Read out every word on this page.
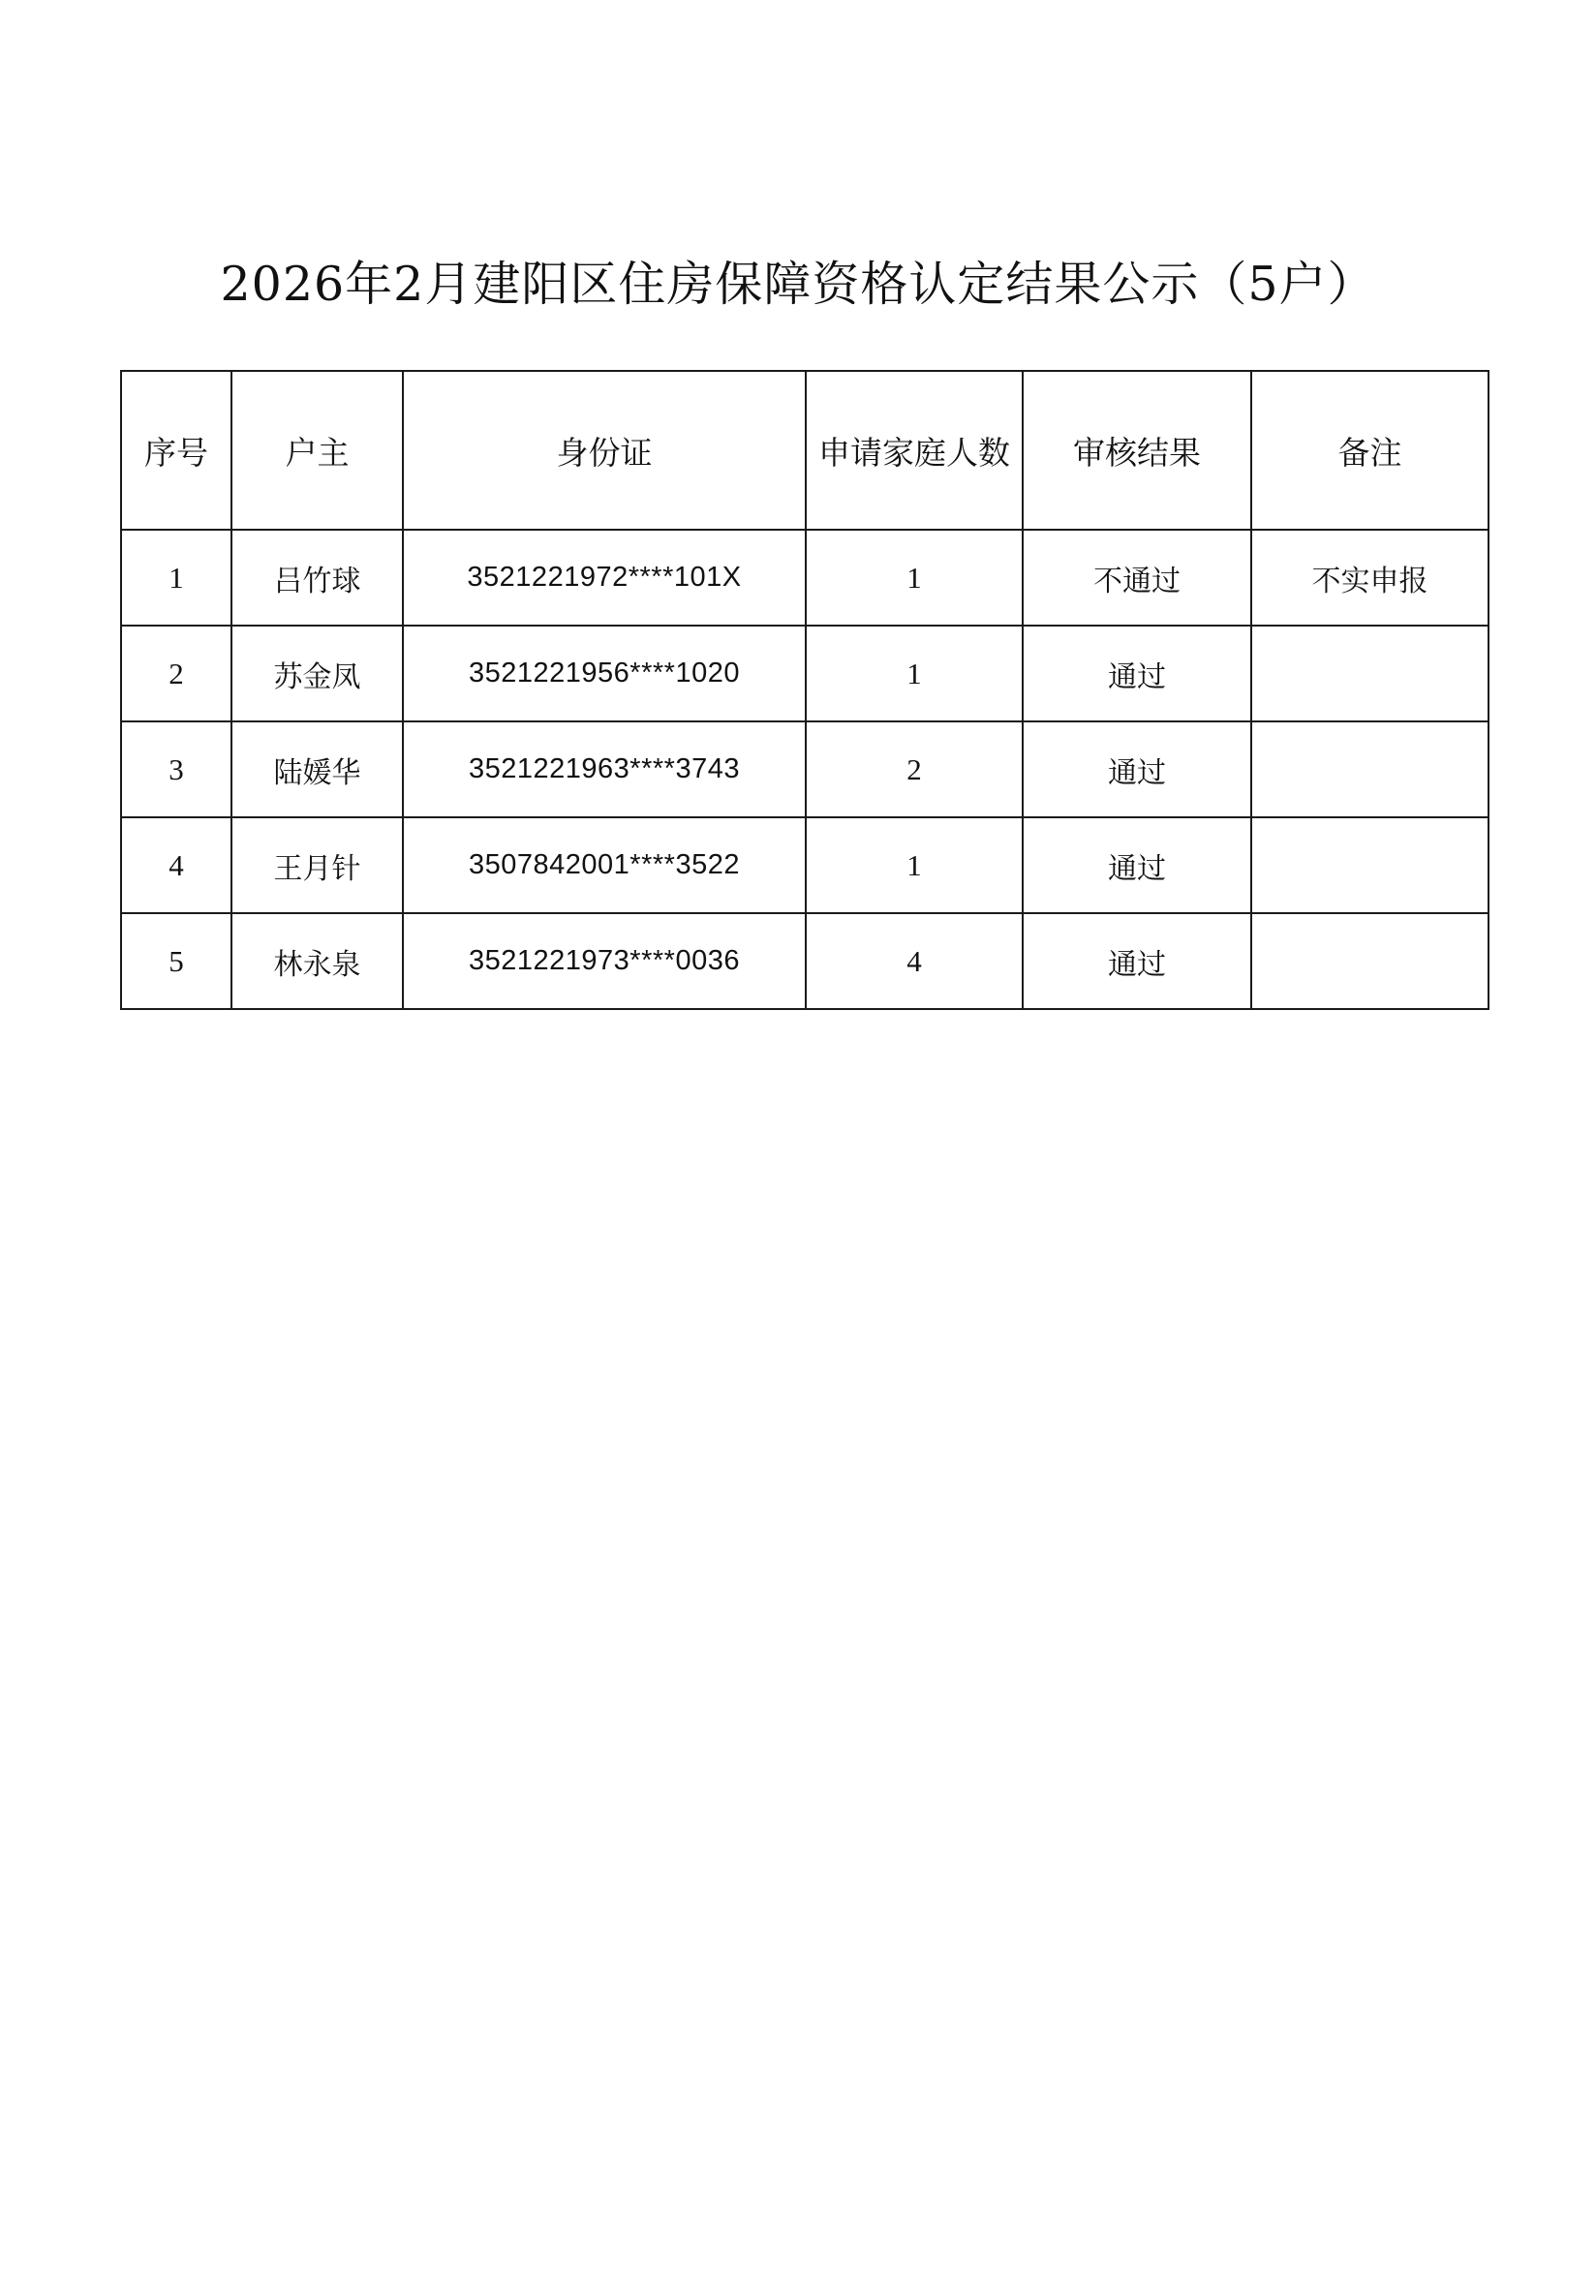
2026年2月建阳区住房保障资格认定结果公示（5户）
序号	户主	身份证	申请家庭人数	审核结果	备注
1	吕竹球	3521221972****101X	1	不通过	不实申报
2	苏金凤	3521221956****1020	1	通过	
3	陆媛华	3521221963****3743	2	通过	
4	王月针	3507842001****3522	1	通过	
5	林永泉	3521221973****0036	4	通过	
